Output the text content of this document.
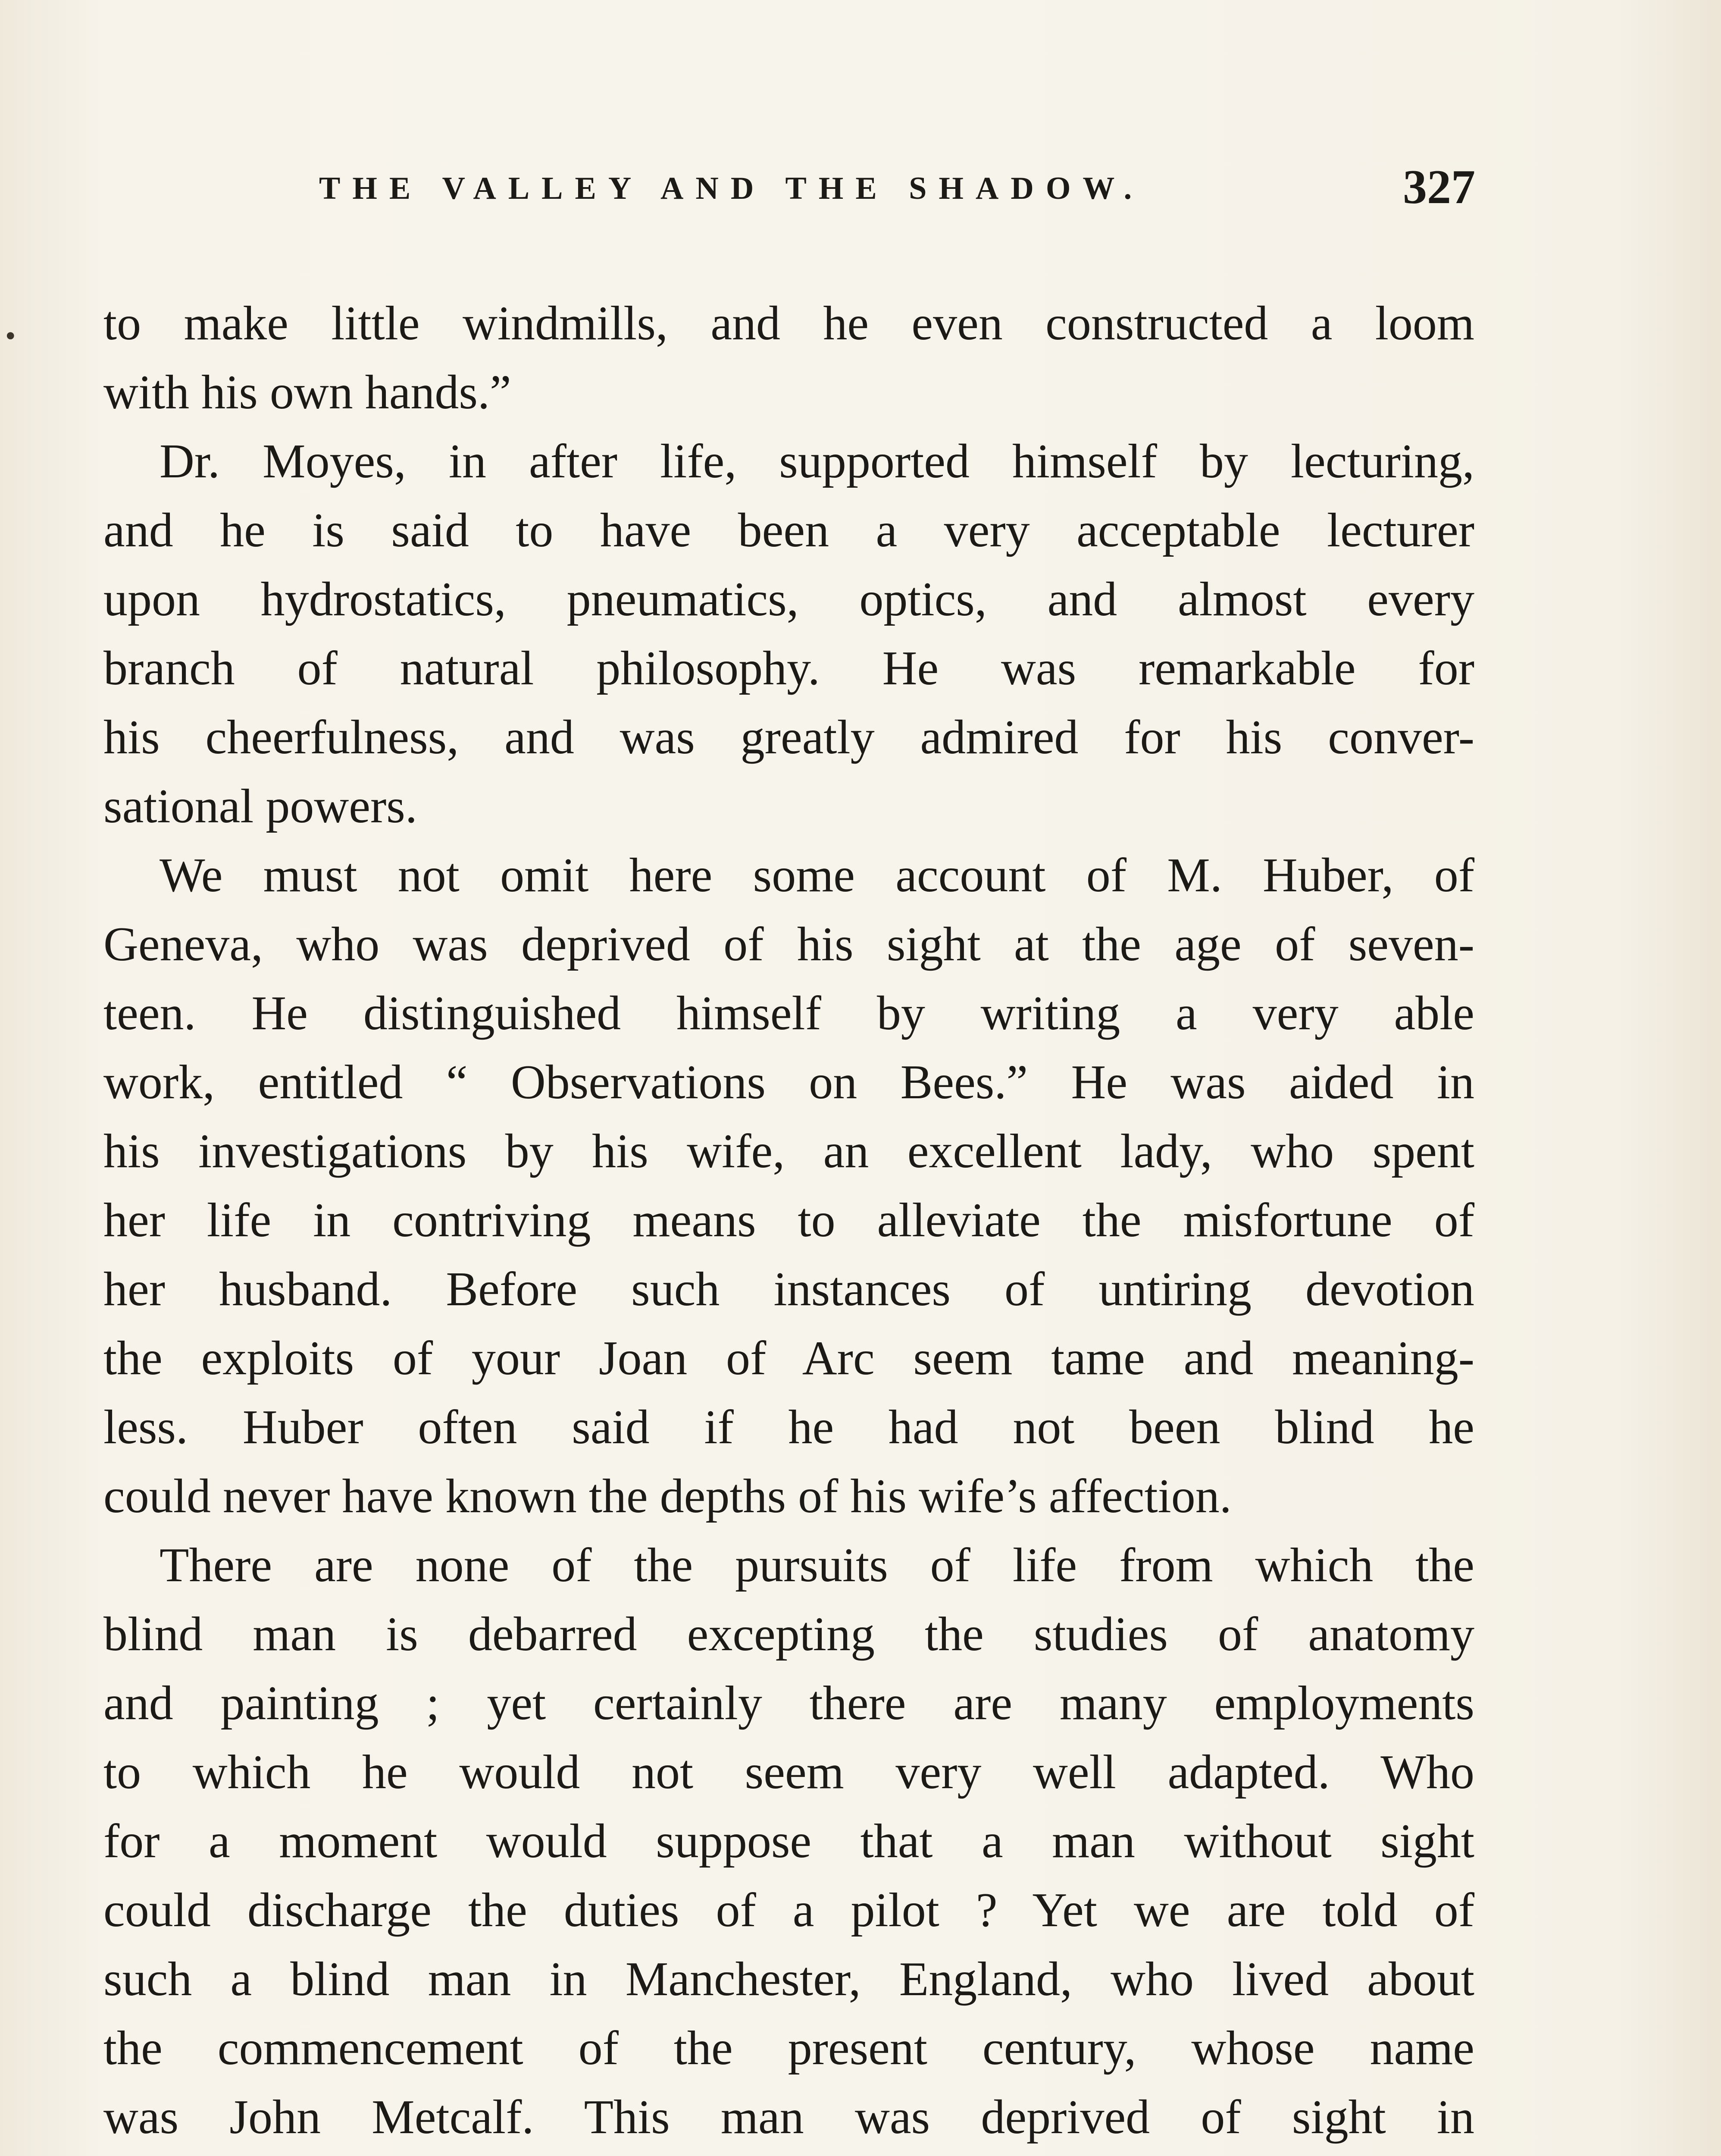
•
THE VALLEY AND THE SHADOW.	327
to make little windmills, and he even constructed a loom
with his own hands.”
Dr. Moyes, in after life, supported himself by lecturing,
and he is said to have been a very acceptable lecturer
upon hydrostatics, pneumatics, optics, and almost every
branch of natural philosophy. He was remarkable for
his cheerfulness, and was greatly admired for his conver-
sational powers.
We must not omit here some account of M. Huber, of
Geneva, who was deprived of his sight at the age of seven-
teen. He distinguished himself by writing a very able
work, entitled “ Observations on Bees.” He was aided in
his investigations by his wife, an excellent lady, who spent
her life in contriving means to alleviate the misfortune of
her husband. Before such instances of untiring devotion
the exploits of your Joan of Arc seem tame and meaning-
less. Huber often said if he had not been blind he
could never have known the depths of his wife’s affection.
There are none of the pursuits of life from which the
blind man is debarred excepting the studies of anatomy
and painting ; yet certainly there are many employments
to which he would not seem very well adapted. Who
for a moment would suppose that a man without sight
could discharge the duties of a pilot ? Yet we are told of
such a blind man in Manchester, England, who lived about
the commencement of the present century, whose name
was John Metcalf. This man was deprived of sight in
